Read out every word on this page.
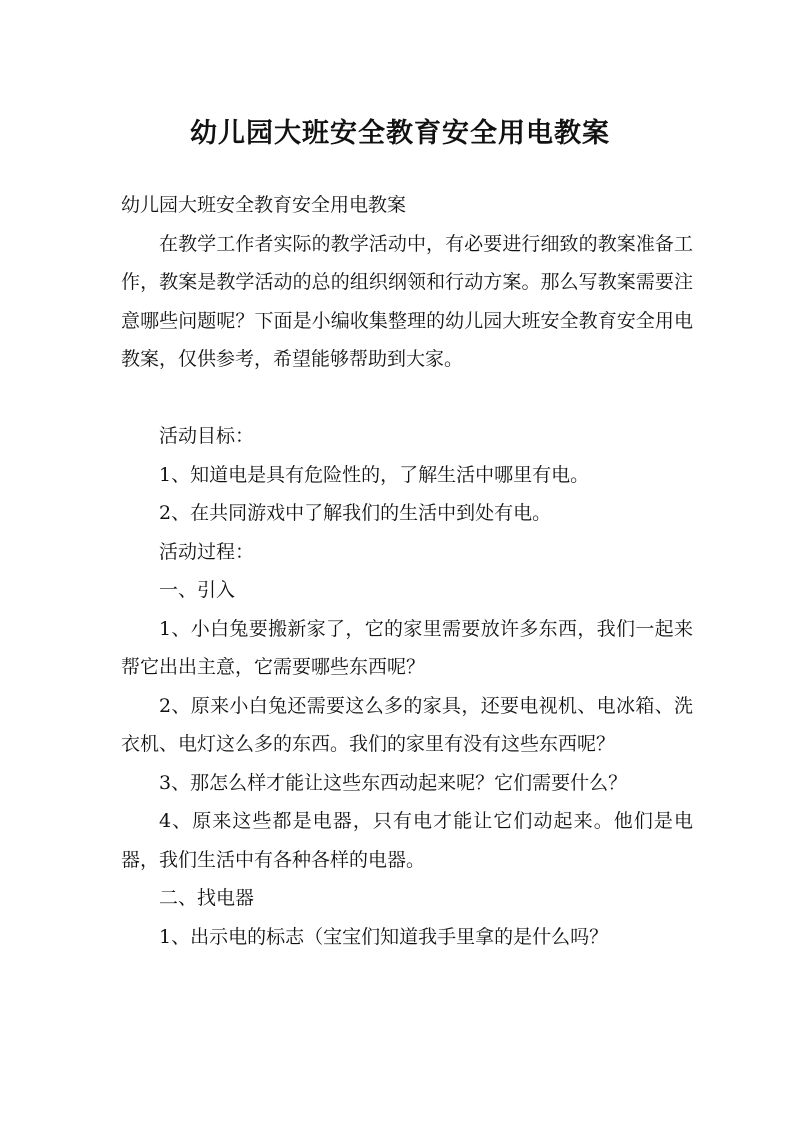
幼儿园大班安全教育安全用电教案

幼儿园大班安全教育安全用电教案

在教学工作者实际的教学活动中，有必要进行细致的教案准备工作，教案是教学活动的总的组织纲领和行动方案。那么写教案需要注意哪些问题呢？下面是小编收集整理的幼儿园大班安全教育安全用电教案，仅供参考，希望能够帮助到大家。

活动目标：

1、知道电是具有危险性的，了解生活中哪里有电。

2、在共同游戏中了解我们的生活中到处有电。

活动过程：

一、引入

1、小白兔要搬新家了，它的家里需要放许多东西，我们一起来帮它出出主意，它需要哪些东西呢？

2、原来小白兔还需要这么多的家具，还要电视机、电冰箱、洗衣机、电灯这么多的东西。我们的家里有没有这些东西呢？

3、那怎么样才能让这些东西动起来呢？它们需要什么？

4、原来这些都是电器，只有电才能让它们动起来。他们是电器，我们生活中有各种各样的电器。

二、找电器

1、出示电的标志（宝宝们知道我手里拿的是什么吗？
